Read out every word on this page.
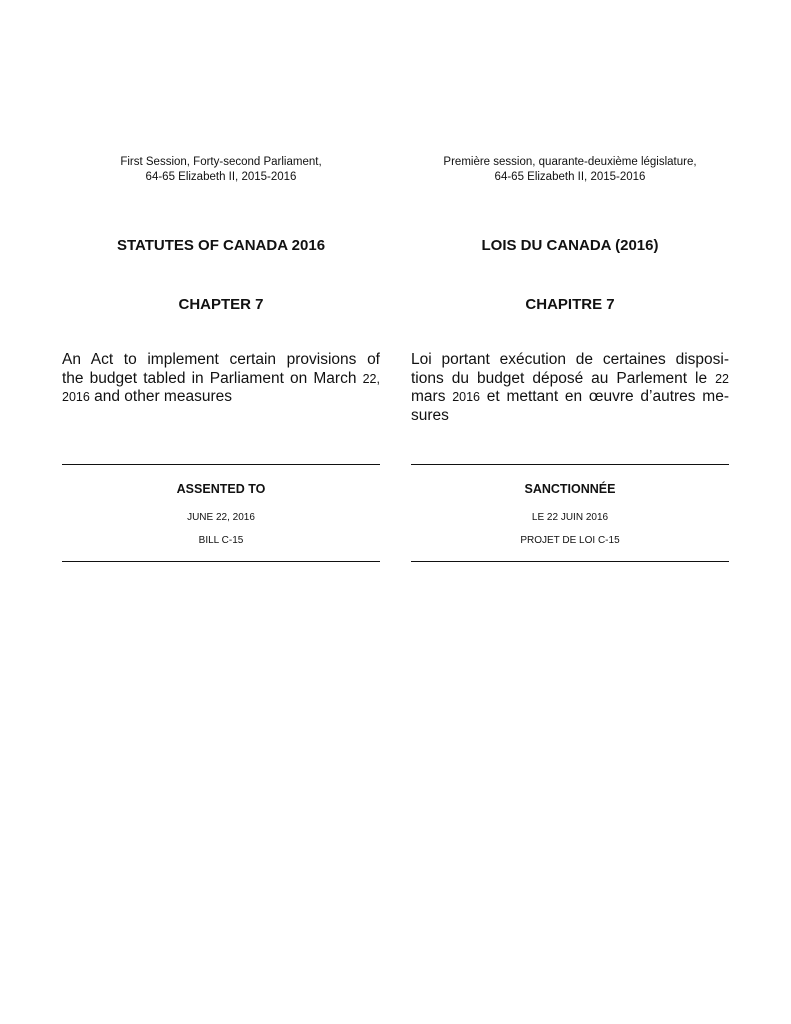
First Session, Forty-second Parliament,
64-65 Elizabeth II, 2015-2016
STATUTES OF CANADA 2016
CHAPTER 7
An Act to implement certain provisions of
the budget tabled in Parliament on March 22,
2016 and other measures
ASSENTED TO
JUNE 22, 2016
BILL C-15
Première session, quarante-deuxième législature,
64-65 Elizabeth II, 2015-2016
LOIS DU CANADA (2016)
CHAPITRE 7
Loi portant exécution de certaines disposi-
tions du budget déposé au Parlement le 22
mars 2016 et mettant en œuvre d’autres me-
sures
SANCTIONNÉE
LE 22 JUIN 2016
PROJET DE LOI C-15
